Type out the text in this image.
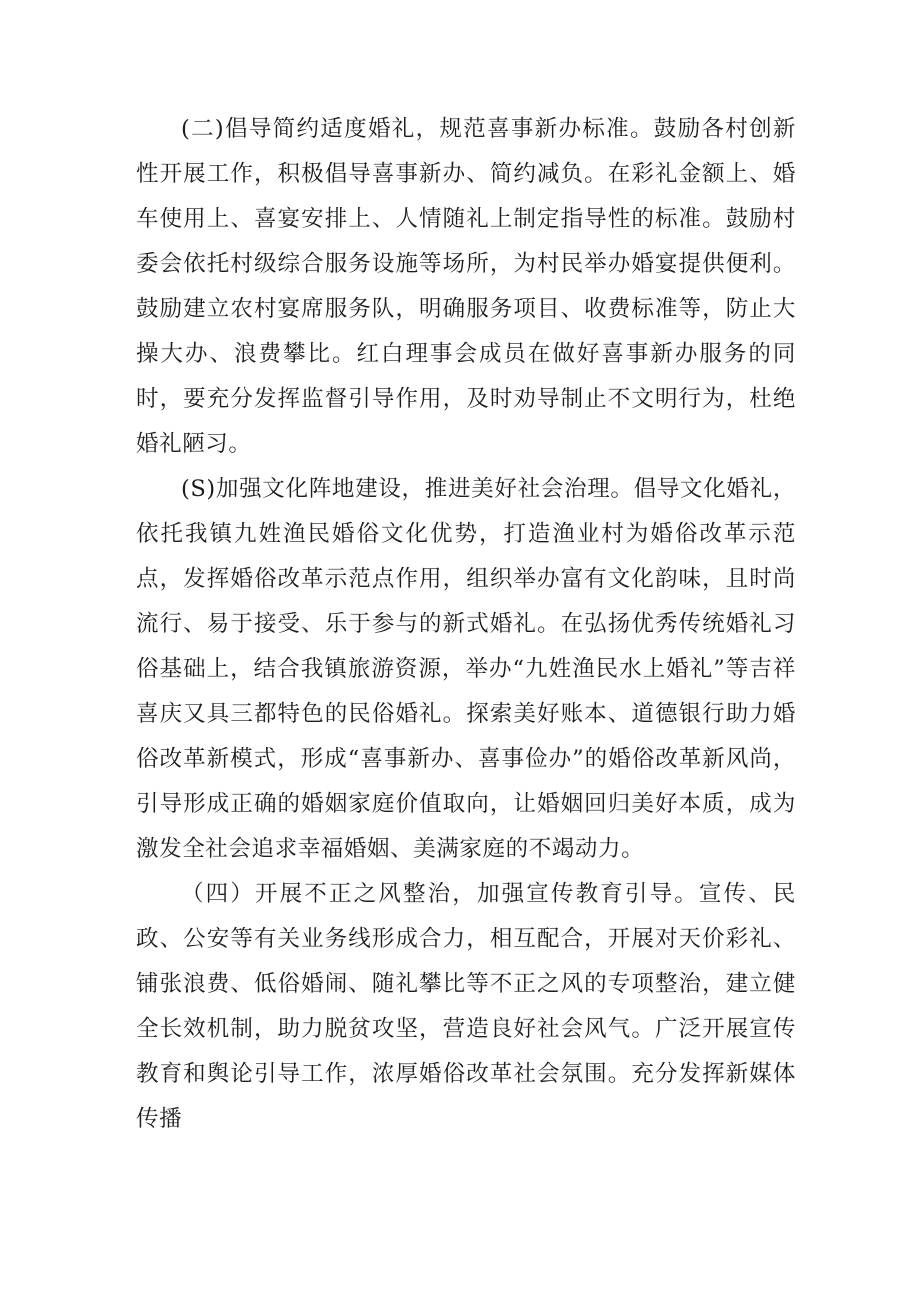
(二)倡导简约适度婚礼，规范喜事新办标准。鼓励各村创新性开展工作，积极倡导喜事新办、简约减负。在彩礼金额上、婚车使用上、喜宴安排上、人情随礼上制定指导性的标准。鼓励村委会依托村级综合服务设施等场所，为村民举办婚宴提供便利。鼓励建立农村宴席服务队，明确服务项目、收费标准等，防止大操大办、浪费攀比。红白理事会成员在做好喜事新办服务的同时，要充分发挥监督引导作用，及时劝导制止不文明行为，杜绝婚礼陋习。

(S)加强文化阵地建设，推进美好社会治理。倡导文化婚礼，依托我镇九姓渔民婚俗文化优势，打造渔业村为婚俗改革示范点，发挥婚俗改革示范点作用，组织举办富有文化韵味，且时尚流行、易于接受、乐于参与的新式婚礼。在弘扬优秀传统婚礼习俗基础上，结合我镇旅游资源，举办“九姓渔民水上婚礼”等吉祥喜庆又具三都特色的民俗婚礼。探索美好账本、道德银行助力婚俗改革新模式，形成“喜事新办、喜事俭办”的婚俗改革新风尚，引导形成正确的婚姻家庭价值取向，让婚姻回归美好本质，成为激发全社会追求幸福婚姻、美满家庭的不竭动力。

（四）开展不正之风整治，加强宣传教育引导。宣传、民政、公安等有关业务线形成合力，相互配合，开展对天价彩礼、铺张浪费、低俗婚闹、随礼攀比等不正之风的专项整治，建立健全长效机制，助力脱贫攻坚，营造良好社会风气。广泛开展宣传教育和舆论引导工作，浓厚婚俗改革社会氛围。充分发挥新媒体传播
